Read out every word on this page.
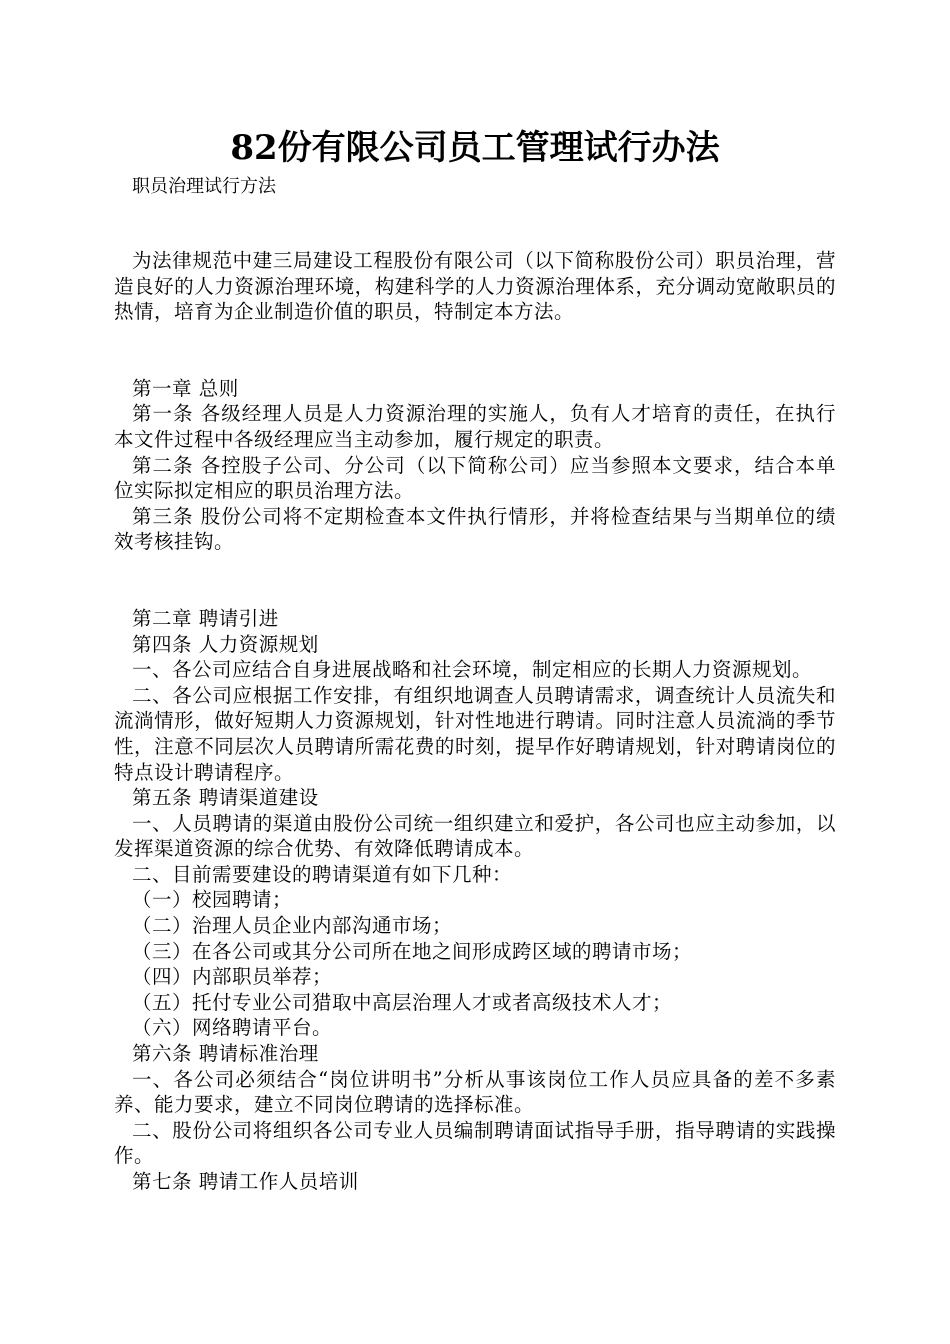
82份有限公司员工管理试行办法
职员治理试行方法

为法律规范中建三局建设工程股份有限公司（以下简称股份公司）职员治理，营造良好的人力资源治理环境，构建科学的人力资源治理体系，充分调动宽敞职员的热情，培育为企业制造价值的职员，特制定本方法。

第一章 总则

第一条 各级经理人员是人力资源治理的实施人，负有人才培育的责任，在执行本文件过程中各级经理应当主动参加，履行规定的职责。

第二条 各控股子公司、分公司（以下简称公司）应当参照本文要求，结合本单位实际拟定相应的职员治理方法。

第三条 股份公司将不定期检查本文件执行情形，并将检查结果与当期单位的绩效考核挂钩。

第二章 聘请引进

第四条 人力资源规划

一、各公司应结合自身进展战略和社会环境，制定相应的长期人力资源规划。

二、各公司应根据工作安排，有组织地调查人员聘请需求，调查统计人员流失和流淌情形，做好短期人力资源规划，针对性地进行聘请。同时注意人员流淌的季节性，注意不同层次人员聘请所需花费的时刻，提早作好聘请规划，针对聘请岗位的特点设计聘请程序。

第五条 聘请渠道建设

一、人员聘请的渠道由股份公司统一组织建立和爱护，各公司也应主动参加，以发挥渠道资源的综合优势、有效降低聘请成本。

二、目前需要建设的聘请渠道有如下几种：

（一）校园聘请；

（二）治理人员企业内部沟通市场；

（三）在各公司或其分公司所在地之间形成跨区域的聘请市场；

（四）内部职员举荐；

（五）托付专业公司猎取中高层治理人才或者高级技术人才；

（六）网络聘请平台。

第六条 聘请标准治理

一、各公司必须结合“岗位讲明书”分析从事该岗位工作人员应具备的差不多素养、能力要求，建立不同岗位聘请的选择标准。

二、股份公司将组织各公司专业人员编制聘请面试指导手册，指导聘请的实践操作。

第七条 聘请工作人员培训
